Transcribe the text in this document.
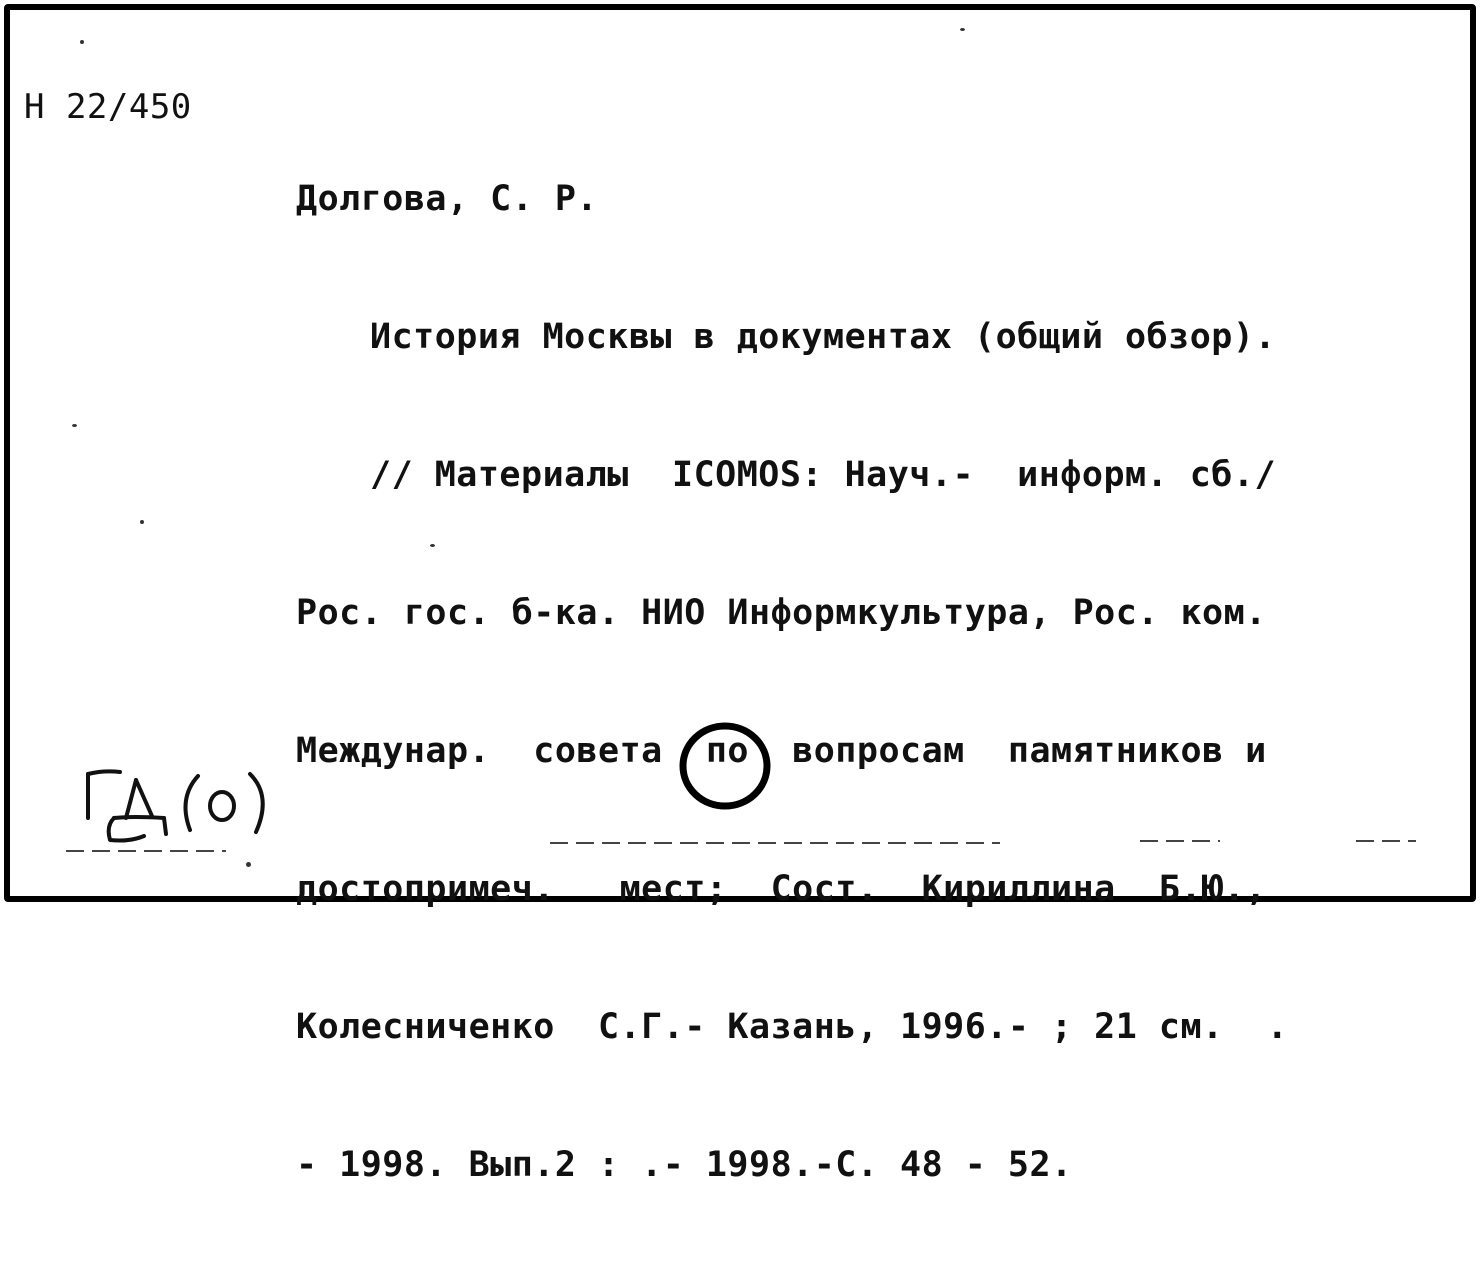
Н 22/450

Долгова, С. Р.

История Москвы в документах (общий обзор).

// Материалы  ICOMOS: Науч.-  информ. сб./

Рос. гос. б-ка. НИО Информкультура, Рос. ком.

Междунар.  совета  по  вопросам  памятников и

достопримеч.   мест;  Сост.  Кириллина  Б.Ю.,

Колесниченко  С.Г.- Казань, 1996.- ; 21 см.  .

- 1998. Вып.2 : .- 1998.-С. 48 - 52.
